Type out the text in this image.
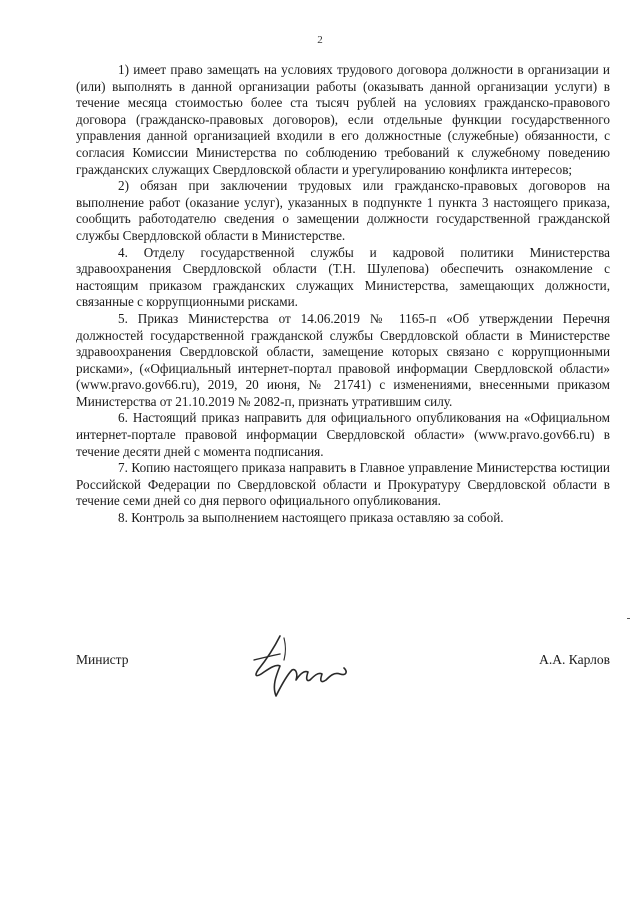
2

1) имеет право замещать на условиях трудового договора должности в организации и (или) выполнять в данной организации работы (оказывать данной организации услуги) в течение месяца стоимостью более ста тысяч рублей на условиях гражданско-правового договора (гражданско-правовых договоров), если отдельные функции государственного управления данной организацией входили в его должностные (служебные) обязанности, с согласия Комиссии Министерства по соблюдению требований к служебному поведению гражданских служащих Свердловской области и урегулированию конфликта интересов;

2) обязан при заключении трудовых или гражданско-правовых договоров на выполнение работ (оказание услуг), указанных в подпункте 1 пункта 3 настоящего приказа, сообщить работодателю сведения о замещении должности государственной гражданской службы Свердловской области в Министерстве.

4. Отделу государственной службы и кадровой политики Министерства здравоохранения Свердловской области (Т.Н. Шулепова) обеспечить ознакомление с настоящим приказом гражданских служащих Министерства, замещающих должности, связанные с коррупционными рисками.

5. Приказ Министерства от 14.06.2019 № 1165-п «Об утверждении Перечня должностей государственной гражданской службы Свердловской области в Министерстве здравоохранения Свердловской области, замещение которых связано с коррупционными рисками», («Официальный интернет-портал правовой информации Свердловской области» (www.pravo.gov66.ru), 2019, 20 июня, № 21741) с изменениями, внесенными приказом Министерства от 21.10.2019 № 2082-п, признать утратившим силу.

6. Настоящий приказ направить для официального опубликования на «Официальном интернет-портале правовой информации Свердловской области» (www.pravo.gov66.ru) в течение десяти дней с момента подписания.

7. Копию настоящего приказа направить в Главное управление Министерства юстиции Российской Федерации по Свердловской области и Прокуратуру Свердловской области в течение семи дней со дня первого официального опубликования.

8. Контроль за выполнением настоящего приказа оставляю за собой.

Министр	А.А. Карлов
